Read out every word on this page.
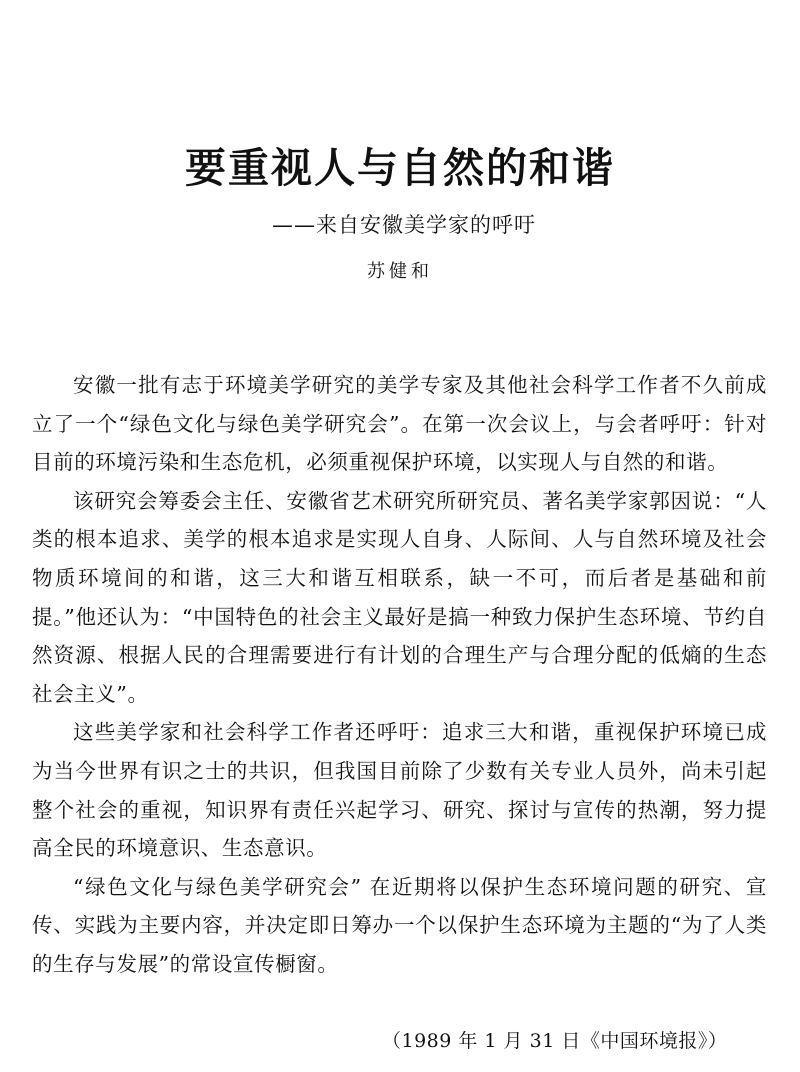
要重视人与自然的和谐
——来自安徽美学家的呼吁
苏健和

安徽一批有志于环境美学研究的美学专家及其他社会科学工作者不久前成立了一个“绿色文化与绿色美学研究会”。在第一次会议上，与会者呼吁：针对目前的环境污染和生态危机，必须重视保护环境，以实现人与自然的和谐。

该研究会筹委会主任、安徽省艺术研究所研究员、著名美学家郭因说：“人类的根本追求、美学的根本追求是实现人自身、人际间、人与自然环境及社会物质环境间的和谐，这三大和谐互相联系，缺一不可，而后者是基础和前提。”他还认为：“中国特色的社会主义最好是搞一种致力保护生态环境、节约自然资源、根据人民的合理需要进行有计划的合理生产与合理分配的低熵的生态社会主义”。

这些美学家和社会科学工作者还呼吁：追求三大和谐，重视保护环境已成为当今世界有识之士的共识，但我国目前除了少数有关专业人员外，尚未引起整个社会的重视，知识界有责任兴起学习、研究、探讨与宣传的热潮，努力提高全民的环境意识、生态意识。

“绿色文化与绿色美学研究会” 在近期将以保护生态环境问题的研究、宣传、实践为主要内容，并决定即日筹办一个以保护生态环境为主题的“为了人类的生存与发展”的常设宣传橱窗。

（1989 年 1 月 31 日《中国环境报》）
